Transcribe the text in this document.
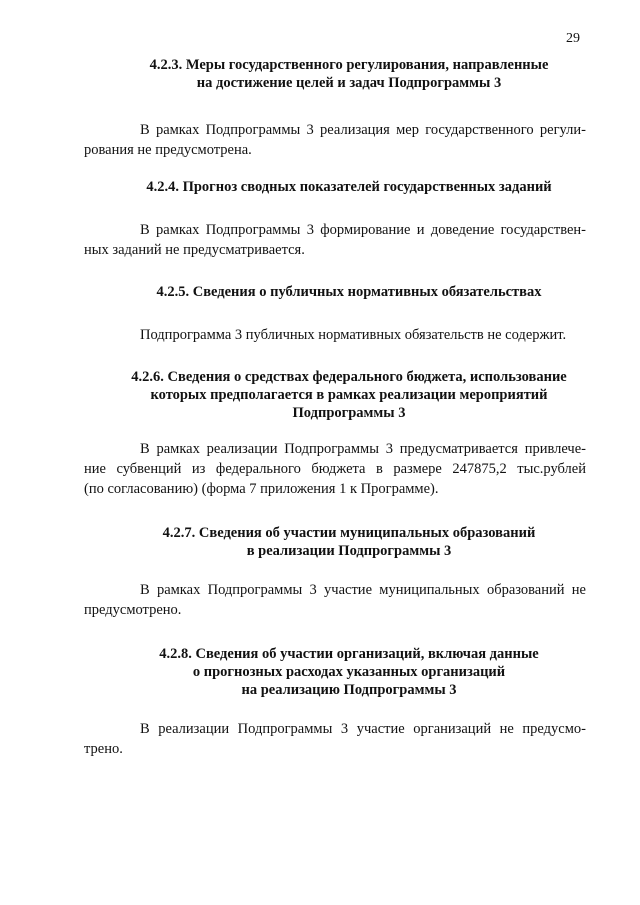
29
4.2.3. Меры государственного регулирования, направленные
на достижение целей и задач Подпрограммы 3

В рамках Подпрограммы 3 реализация мер государственного регули-
рования не предусмотрена.

4.2.4. Прогноз сводных показателей государственных заданий

В рамках Подпрограммы 3 формирование и доведение государствен-
ных заданий не предусматривается.

4.2.5. Сведения о публичных нормативных обязательствах

Подпрограмма 3 публичных нормативных обязательств не содержит.

4.2.6. Сведения о средствах федерального бюджета, использование
которых предполагается в рамках реализации мероприятий
Подпрограммы 3

В рамках реализации Подпрограммы 3 предусматривается привлече-
ние субвенций из федерального бюджета в размере 247875,2 тыс.рублей
(по согласованию) (форма 7 приложения 1 к Программе).

4.2.7. Сведения об участии муниципальных образований
в реализации Подпрограммы 3

В рамках Подпрограммы 3 участие муниципальных образований не
предусмотрено.

4.2.8. Сведения об участии организаций, включая данные
о прогнозных расходах указанных организаций
на реализацию Подпрограммы 3

В реализации Подпрограммы 3 участие организаций не предусмо-
трено.
